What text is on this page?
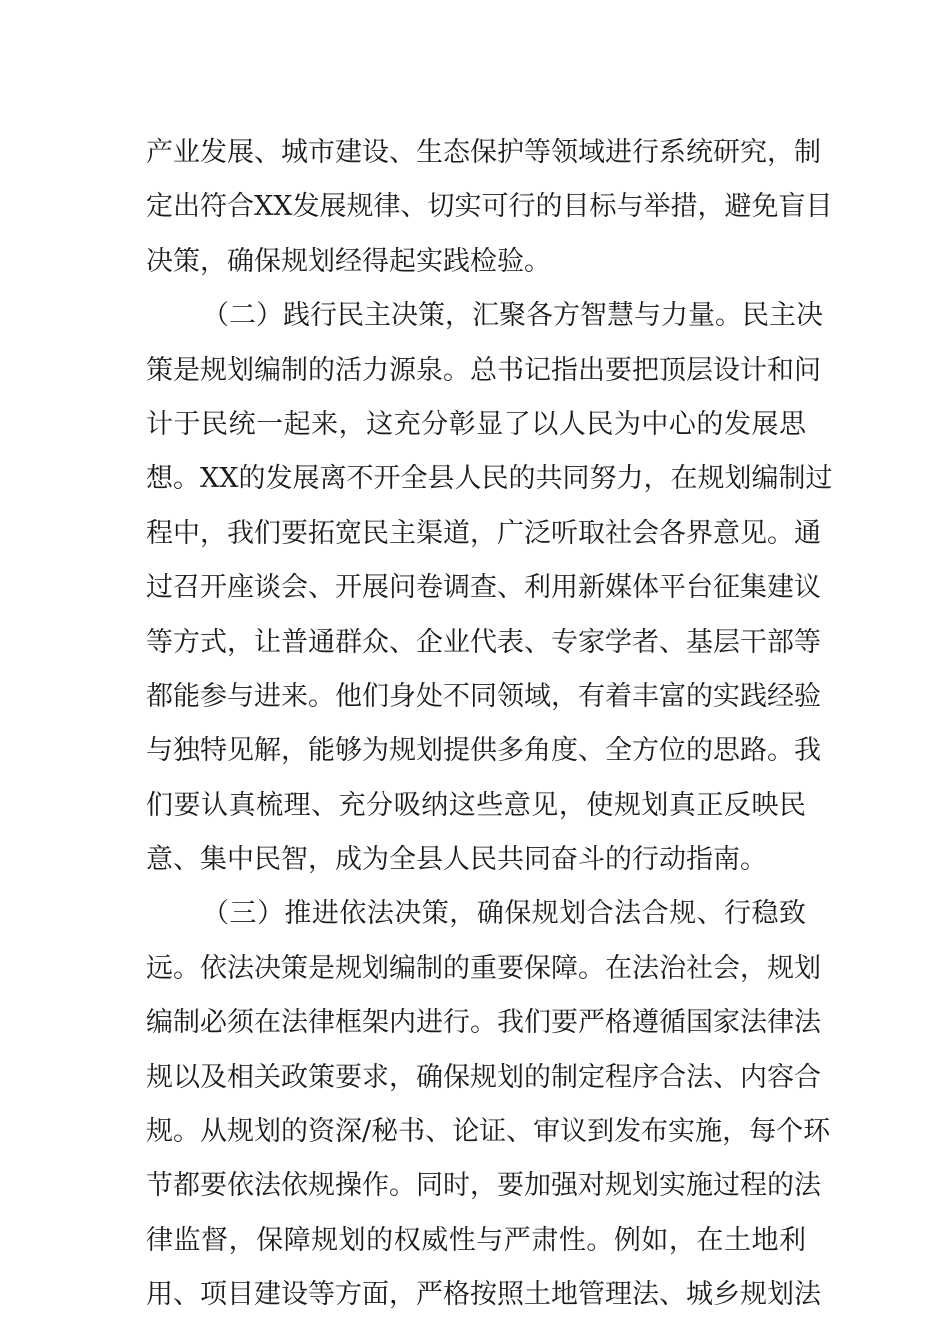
产业发展、城市建设、生态保护等领域进行系统研究，制
定出符合XX发展规律、切实可行的目标与举措，避免盲目
决策，确保规划经得起实践检验。
（二）践行民主决策，汇聚各方智慧与力量。民主决
策是规划编制的活力源泉。总书记指出要把顶层设计和问
计于民统一起来，这充分彰显了以人民为中心的发展思
想。XX的发展离不开全县人民的共同努力，在规划编制过
程中，我们要拓宽民主渠道，广泛听取社会各界意见。通
过召开座谈会、开展问卷调查、利用新媒体平台征集建议
等方式，让普通群众、企业代表、专家学者、基层干部等
都能参与进来。他们身处不同领域，有着丰富的实践经验
与独特见解，能够为规划提供多角度、全方位的思路。我
们要认真梳理、充分吸纳这些意见，使规划真正反映民
意、集中民智，成为全县人民共同奋斗的行动指南。
（三）推进依法决策，确保规划合法合规、行稳致
远。依法决策是规划编制的重要保障。在法治社会，规划
编制必须在法律框架内进行。我们要严格遵循国家法律法
规以及相关政策要求，确保规划的制定程序合法、内容合
规。从规划的资深/秘书、论证、审议到发布实施，每个环
节都要依法依规操作。同时，要加强对规划实施过程的法
律监督，保障规划的权威性与严肃性。例如，在土地利
用、项目建设等方面，严格按照土地管理法、城乡规划法
